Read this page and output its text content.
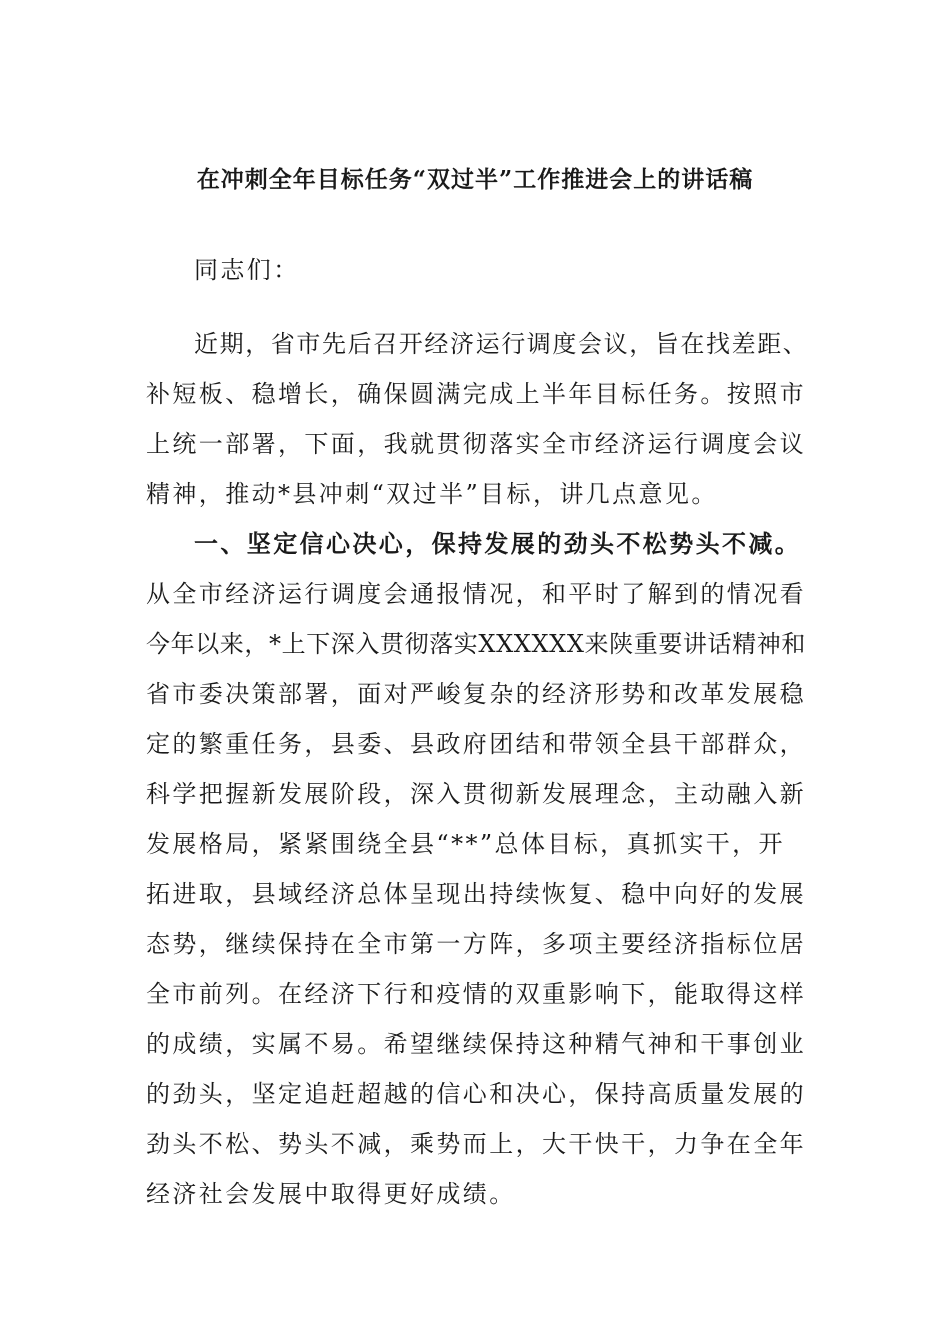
在冲刺全年目标任务“双过半”工作推进会上的讲话稿
同志们：
近期，省市先后召开经济运行调度会议，旨在找差距、
补短板、稳增长，确保圆满完成上半年目标任务。按照市
上统一部署，下面，我就贯彻落实全市经济运行调度会议
精神，推动*县冲刺“双过半”目标，讲几点意见。
一、坚定信心决心，保持发展的劲头不松势头不减。
从全市经济运行调度会通报情况，和平时了解到的情况看
今年以来，*上下深入贯彻落实XXXXXX来陕重要讲话精神和
省市委决策部署，面对严峻复杂的经济形势和改革发展稳
定的繁重任务，县委、县政府团结和带领全县干部群众，
科学把握新发展阶段，深入贯彻新发展理念，主动融入新
发展格局，紧紧围绕全县“**”总体目标，真抓实干，开
拓进取，县域经济总体呈现出持续恢复、稳中向好的发展
态势，继续保持在全市第一方阵，多项主要经济指标位居
全市前列。在经济下行和疫情的双重影响下，能取得这样
的成绩，实属不易。希望继续保持这种精气神和干事创业
的劲头，坚定追赶超越的信心和决心，保持高质量发展的
劲头不松、势头不减，乘势而上，大干快干，力争在全年
经济社会发展中取得更好成绩。
